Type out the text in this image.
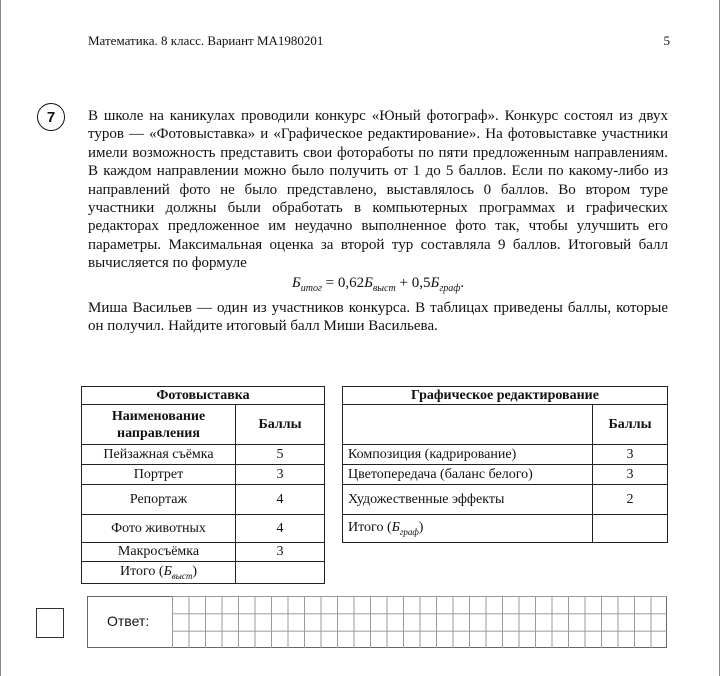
Математика. 8 класс. Вариант МА1980201	5
7 В школе на каникулах проводили конкурс «Юный фотограф». Конкурс состоял из двух туров — «Фотовыставка» и «Графическое редактирование». На фотовыставке участники имели возможность представить свои фотоработы по пяти предложенным направлениям. В каждом направлении можно было получить от 1 до 5 баллов. Если по какому-либо из направлений фото не было представлено, выставлялось 0 баллов. Во втором туре участники должны были обработать в компьютерных программах и графических редакторах предложенное им неудачно выполненное фото так, чтобы улучшить его параметры. Максимальная оценка за второй тур составляла 9 баллов. Итоговый балл вычисляется по формуле

$Б_{итог} = 0,62Б_{выст} + 0,5Б_{граф}$.

Миша Васильев — один из участников конкурса. В таблицах приведены баллы, которые он получил. Найдите итоговый балл Миши Васильева.

Фотовыставка	
Наименование направления	Баллы
Пейзажная съёмка	5
Портрет	3
Репортаж	4
Фото животных	4
Макросъёмка	3
Итого $(Б_{выст})$	
Графическое редактирование	
	Баллы
Композиция (кадрирование)	3
Цветопередача (баланс белого)	3
Художественные эффекты	2
Итого $(Б_{граф})$	
Ответ:
